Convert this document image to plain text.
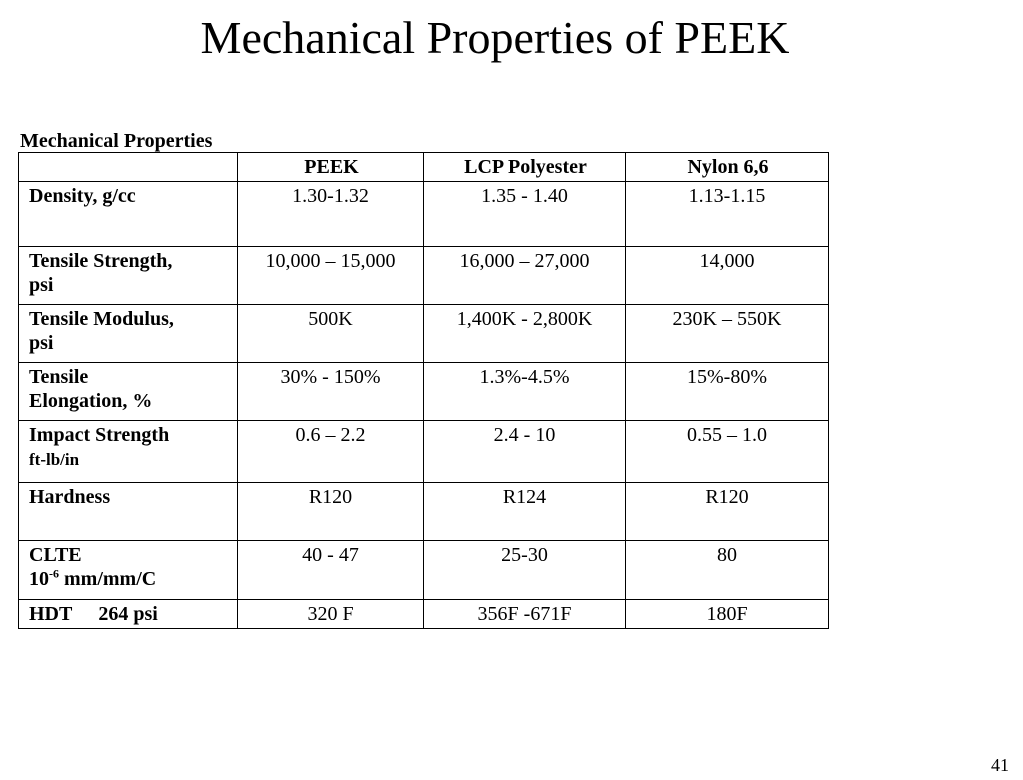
Mechanical Properties of PEEK
Mechanical Properties
	PEEK	LCP Polyester	Nylon 6,6
Density, g/cc	1.30-1.32	1.35 - 1.40	1.13-1.15
Tensile Strength,
psi	10,000 – 15,000	16,000 – 27,000	14,000
Tensile Modulus,
psi	500K	1,400K - 2,800K	230K – 550K
Tensile
Elongation, %	30% - 150%	1.3%-4.5%	15%-80%
Impact Strength
ft-lb/in	0.6 – 2.2	2.4 - 10	0.55 – 1.0
Hardness	R120	R124	R120
CLTE
$10^{-6}$ mm/mm/C	40 - 47	25-30	80
HDT 264 psi	320 F	356F -671F	180F
41
